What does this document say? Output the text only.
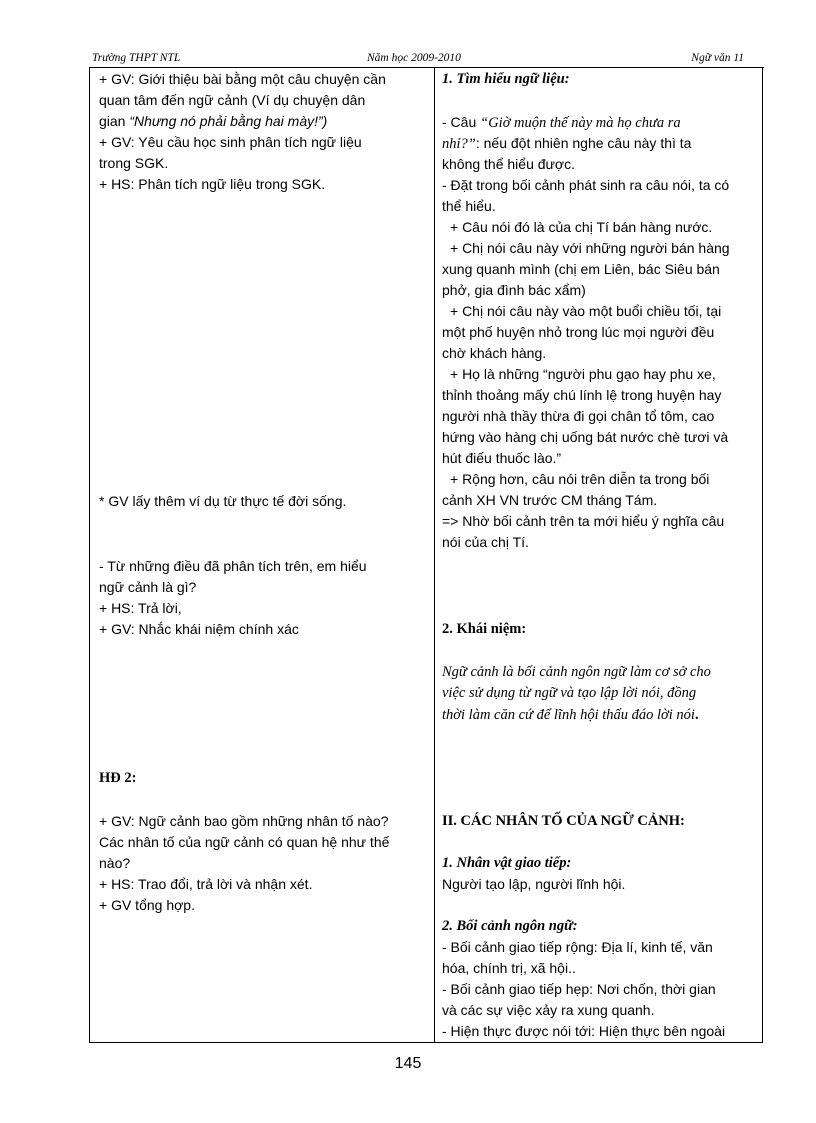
Trường THPT NTL	Năm học 2009-2010	Ngữ văn 11
+ GV: Giới thiệu bài bằng một câu chuyện cần
quan tâm đến ngữ cảnh (Ví dụ chuyện dân
gian “Nhưng nó phải bằng hai mày!”)
+ GV: Yêu cầu học sinh phân tích ngữ liệu
trong SGK.
+ HS: Phân tích ngữ liệu trong SGK.
* GV lấy thêm ví dụ từ thực tế đời sống.
- Từ những điều đã phân tích trên, em hiểu
ngữ cảnh là gì?
+ HS: Trả lời,
+ GV: Nhắc khái niệm chính xác
HĐ 2:
+ GV: Ngữ cảnh bao gồm những nhân tố nào?
Các nhân tố của ngữ cảnh có quan hệ như thế
nào?
+ HS: Trao đổi, trả lời và nhận xét.
+ GV tổng hợp.
1. Tìm hiểu ngữ liệu:
- Câu “Giờ muộn thế này mà họ chưa ra
nhỉ?”: nếu đột nhiên nghe câu này thì ta
không thể hiểu được.
- Đặt trong bối cảnh phát sinh ra câu nói, ta có
thể hiểu.
+ Câu nói đó là của chị Tí bán hàng nước.
+ Chị nói câu này với những người bán hàng
xung quanh mình (chị em Liên, bác Siêu bán
phở, gia đình bác xẩm)
+ Chị nói câu này vào một buổi chiều tối, tại
một phố huyện nhỏ trong lúc mọi người đều
chờ khách hàng.
+ Họ là những “người phu gạo hay phu xe,
thỉnh thoảng mấy chú lính lệ trong huyện hay
người nhà thầy thừa đi gọi chân tổ tôm, cao
hứng vào hàng chị uống bát nước chè tươi và
hút điếu thuốc lào.”
+ Rộng hơn, câu nói trên diễn ta trong bối
cảnh XH VN trước CM tháng Tám.
=> Nhờ bối cảnh trên ta mới hiểu ý nghĩa câu
nói của chị Tí.
2. Khái niệm:
Ngữ cảnh là bối cảnh ngôn ngữ làm cơ sở cho
việc sử dụng từ ngữ và tạo lập lời nói, đồng
thời làm căn cứ để lĩnh hội thấu đáo lời nói.
II. CÁC NHÂN TỐ CỦA NGỮ CẢNH:
1. Nhân vật giao tiếp:
Người tạo lập, người lĩnh hội.
2. Bối cảnh ngôn ngữ:
- Bối cảnh giao tiếp rộng: Địa lí, kinh tế, văn
hóa, chính trị, xã hội..
- Bối cảnh giao tiếp hẹp: Nơi chốn, thời gian
và các sự việc xảy ra xung quanh.
- Hiện thực được nói tới: Hiện thực bên ngoài
145
